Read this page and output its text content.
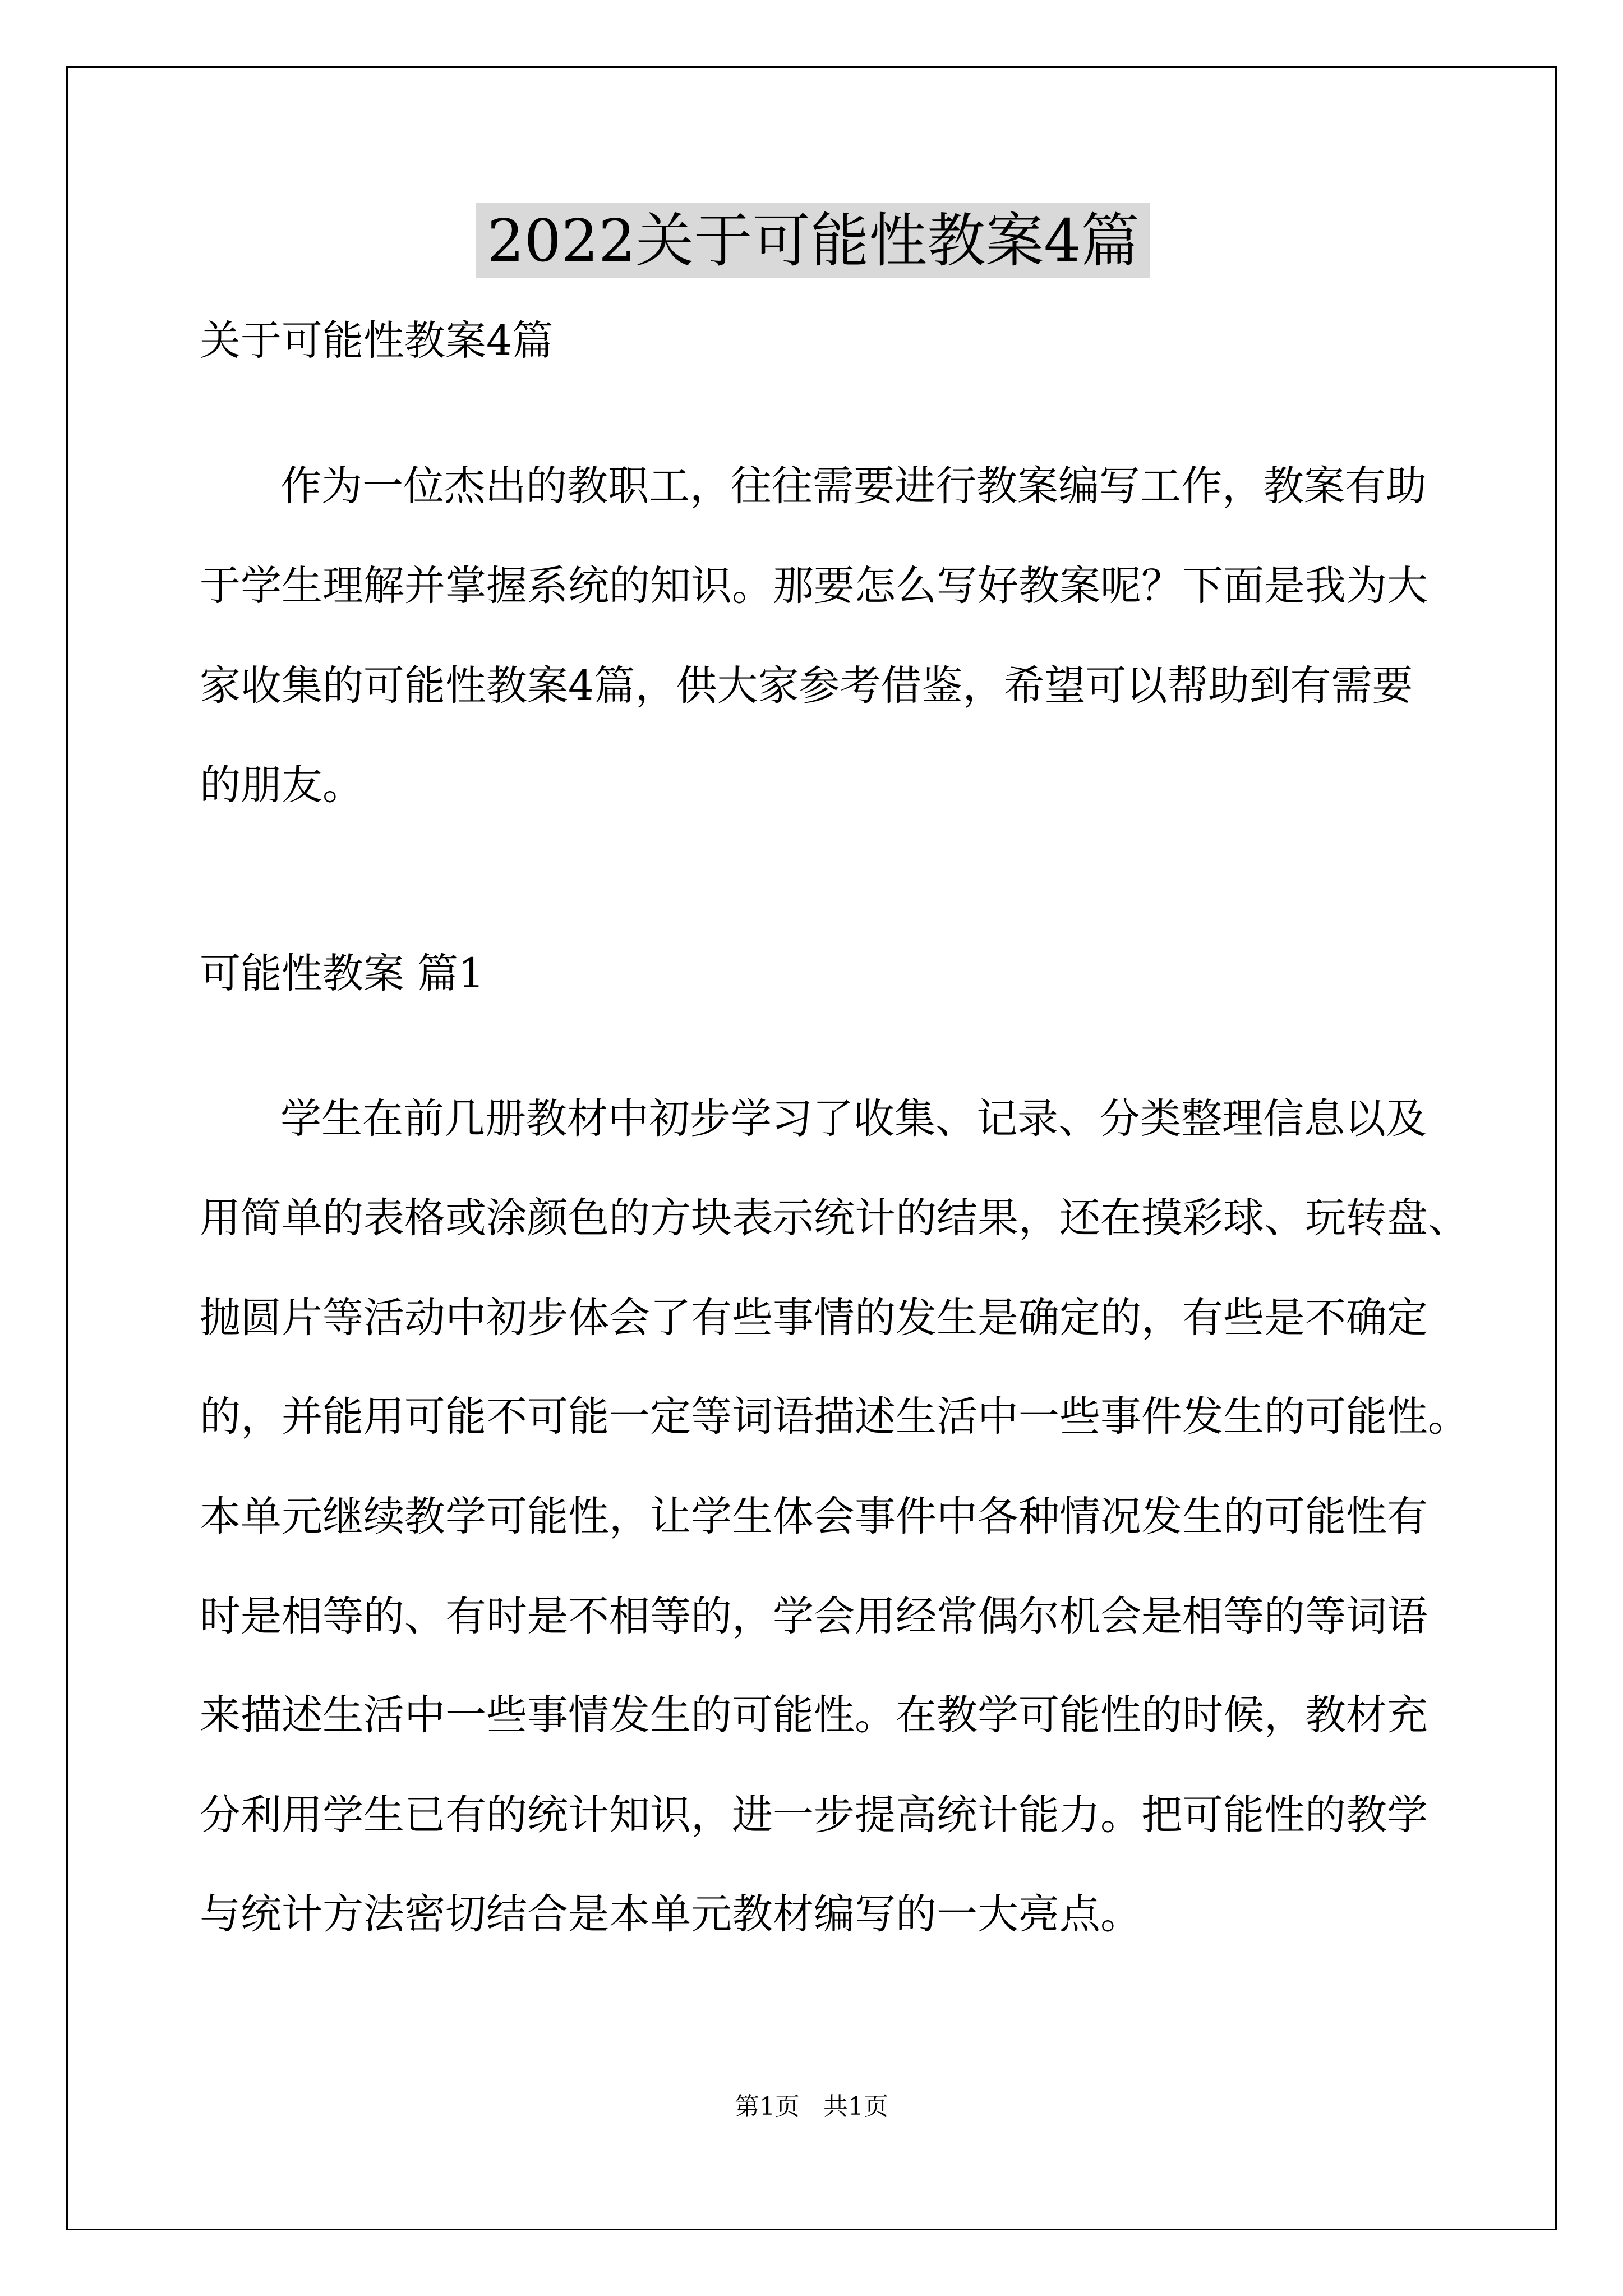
2022关于可能性教案4篇
关于可能性教案4篇
作为一位杰出的教职工，往往需要进行教案编写工作，教案有助
于学生理解并掌握系统的知识。那要怎么写好教案呢？下面是我为大
家收集的可能性教案4篇，供大家参考借鉴，希望可以帮助到有需要
的朋友。
可能性教案 篇1
学生在前几册教材中初步学习了收集、记录、分类整理信息以及
用简单的表格或涂颜色的方块表示统计的结果，还在摸彩球、玩转盘、
抛圆片等活动中初步体会了有些事情的发生是确定的，有些是不确定
的，并能用可能不可能一定等词语描述生活中一些事件发生的可能性。
本单元继续教学可能性，让学生体会事件中各种情况发生的可能性有
时是相等的、有时是不相等的，学会用经常偶尔机会是相等的等词语
来描述生活中一些事情发生的可能性。在教学可能性的时候，教材充
分利用学生已有的统计知识，进一步提高统计能力。把可能性的教学
与统计方法密切结合是本单元教材编写的一大亮点。
第1页   共1页
